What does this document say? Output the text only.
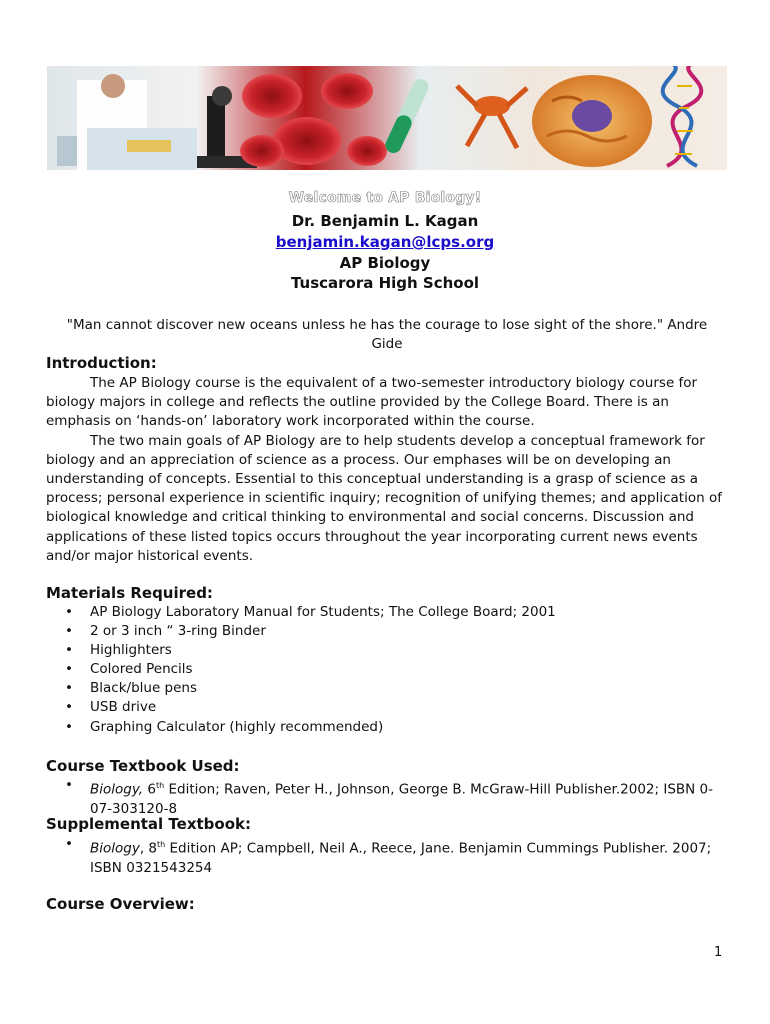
Welcome to AP Biology!
Dr. Benjamin L. Kagan
benjamin.kagan@lcps.org
AP Biology
Tuscarora High School
"Man cannot discover new oceans unless he has the courage to lose sight of the shore." Andre Gide
Introduction:

The AP Biology course is the equivalent of a two-semester introductory biology course for biology majors in college and reflects the outline provided by the College Board. There is an emphasis on ‘hands-on’ laboratory work incorporated within the course.

The two main goals of AP Biology are to help students develop a conceptual framework for biology and an appreciation of science as a process. Our emphases will be on developing an understanding of concepts. Essential to this conceptual understanding is a grasp of science as a process; personal experience in scientific inquiry; recognition of unifying themes; and application of biological knowledge and critical thinking to environmental and social concerns. Discussion and applications of these listed topics occurs throughout the year incorporating current news events and/or major historical events.

Materials Required:
• AP Biology Laboratory Manual for Students; The College Board; 2001
• 2 or 3 inch “ 3-ring Binder
• Highlighters
• Colored Pencils
• Black/blue pens
• USB drive
• Graphing Calculator (highly recommended)
Course Textbook Used:
• Biology, 6th Edition; Raven, Peter H., Johnson, George B. McGraw-Hill Publisher.2002; ISBN 0-07-303120-8
Supplemental Textbook:
• Biology, 8th Edition AP; Campbell, Neil A., Reece, Jane. Benjamin Cummings Publisher. 2007; ISBN 0321543254
Course Overview:
1
